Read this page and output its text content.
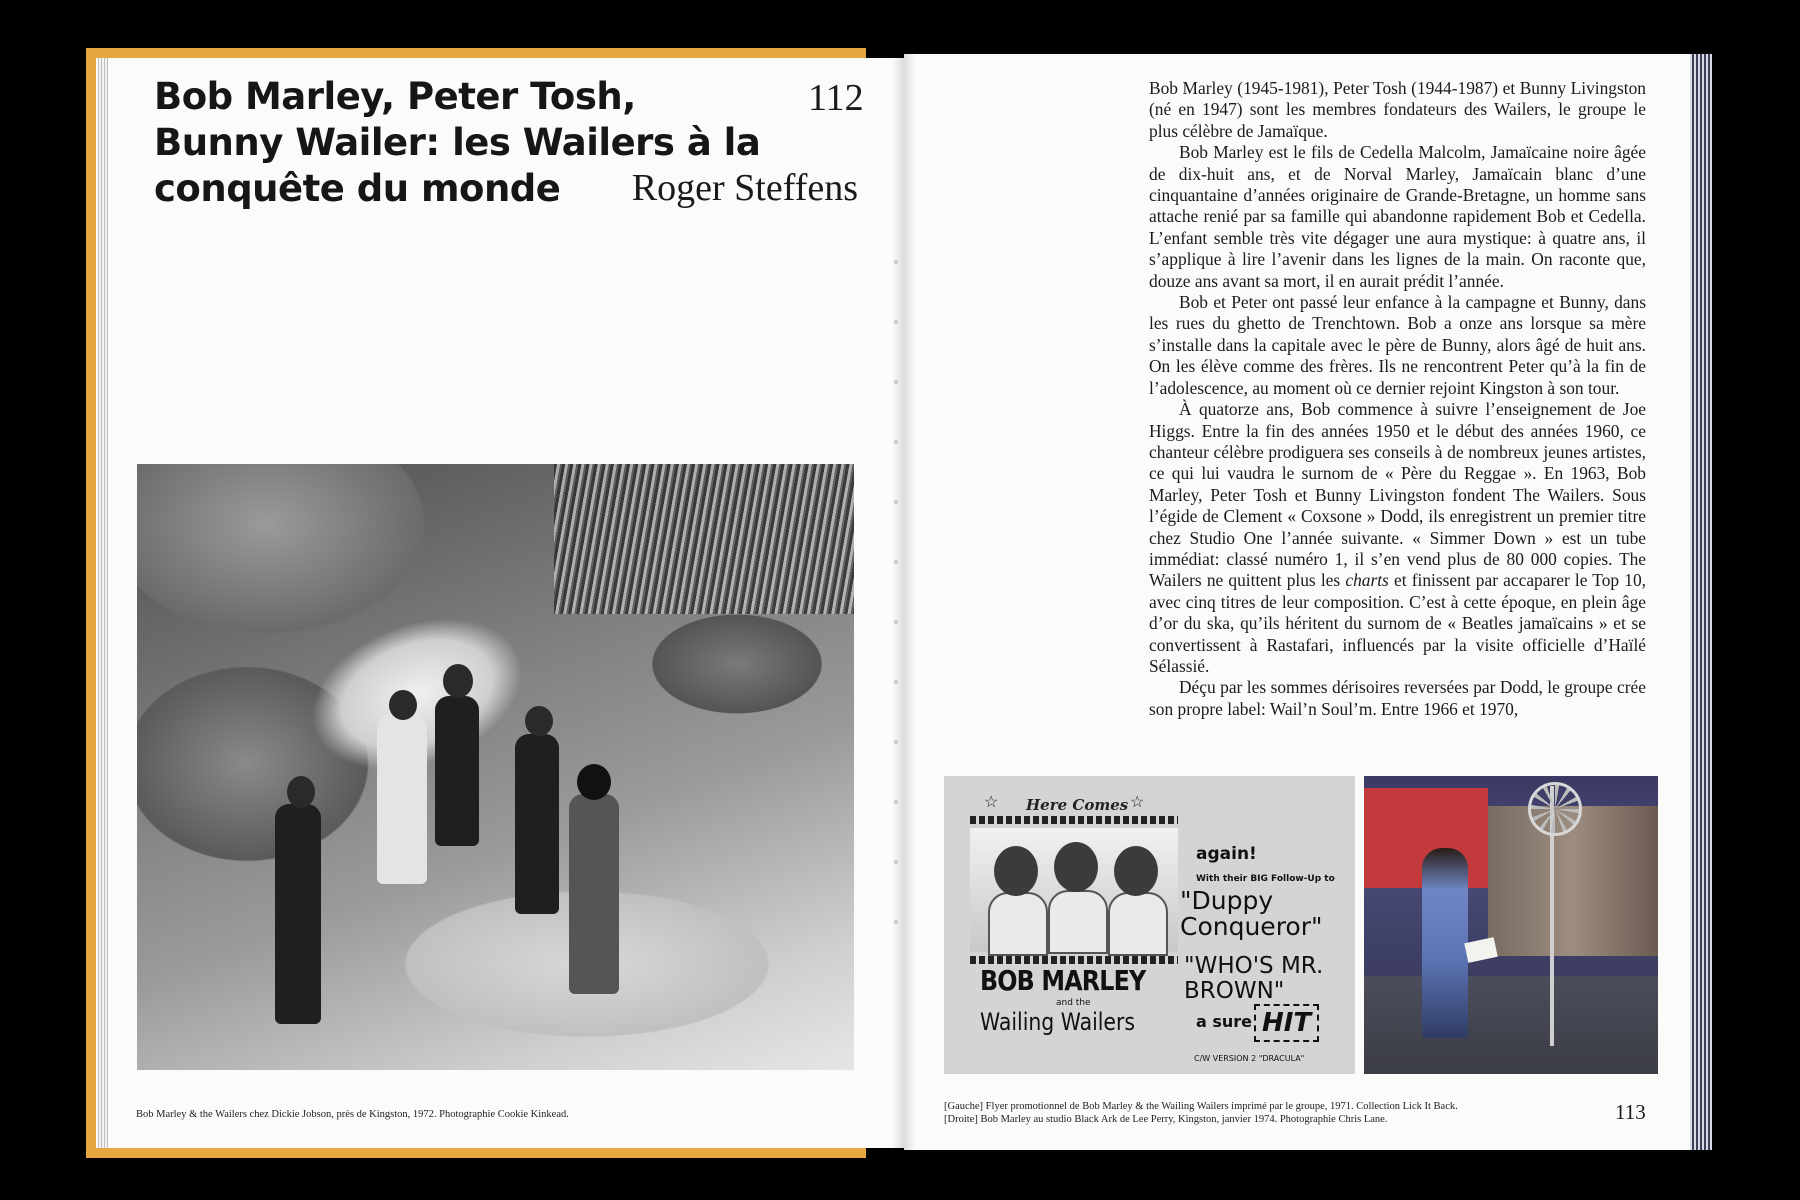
Bob Marley, Peter Tosh, Bunny Wailer: les Wailers à la conquête du monde
112
Roger Steffens

Bob Marley & the Wailers chez Dickie Jobson, près de Kingston, 1972. Photographie Cookie Kinkead.

Bob Marley (1945-1981), Peter Tosh (1944-1987) et Bunny Livingston (né en 1947) sont les membres fondateurs des Wailers, le groupe le plus célèbre de Jamaïque.

Bob Marley est le fils de Cedella Malcolm, Jamaïcaine noire âgée de dix-huit ans, et de Norval Marley, Jamaïcain blanc d’une cinquantaine d’années originaire de Grande-Bretagne, un homme sans attache renié par sa famille qui abandonne rapidement Bob et Cedella. L’enfant semble très vite dégager une aura mystique: à quatre ans, il s’applique à lire l’avenir dans les lignes de la main. On raconte que, douze ans avant sa mort, il en aurait prédit l’année.

Bob et Peter ont passé leur enfance à la campagne et Bunny, dans les rues du ghetto de Trenchtown. Bob a onze ans lorsque sa mère s’installe dans la capitale avec le père de Bunny, alors âgé de huit ans. On les élève comme des frères. Ils ne rencontrent Peter qu’à la fin de l’adolescence, au moment où ce dernier rejoint Kingston à son tour.

À quatorze ans, Bob commence à suivre l’enseignement de Joe Higgs. Entre la fin des années 1950 et le début des années 1960, ce chanteur célèbre prodiguera ses conseils à de nombreux jeunes artistes, ce qui lui vaudra le surnom de « Père du Reggae ». En 1963, Bob Marley, Peter Tosh et Bunny Livingston fondent The Wailers. Sous l’égide de Clement « Coxsone » Dodd, ils enregistrent un premier titre chez Studio One l’année suivante. « Simmer Down » est un tube immédiat: classé numéro 1, il s’en vend plus de 80 000 copies. The Wailers ne quittent plus les charts et finissent par accaparer le Top 10, avec cinq titres de leur composition. C’est à cette époque, en plein âge d’or du ska, qu’ils héritent du surnom de « Beatles jamaïcains » et se convertissent à Rastafari, influencés par la visite officielle d’Haïlé Sélassié.

Déçu par les sommes dérisoires reversées par Dodd, le groupe crée son propre label: Wail’n Soul’m. Entre 1966 et 1970,

☆ Here Comes ☆
BOB MARLEY
and the
Wailing Wailers
again!
With their BIG Follow-Up to
"Duppy Conqueror"
"WHO'S MR. BROWN"
a sure HIT
C/W VERSION 2 "DRACULA"

[Gauche] Flyer promotionnel de Bob Marley & the Wailing Wailers imprimé par le groupe, 1971. Collection Lick It Back.

[Droite] Bob Marley au studio Black Ark de Lee Perry, Kingston, janvier 1974. Photographie Chris Lane.	113
